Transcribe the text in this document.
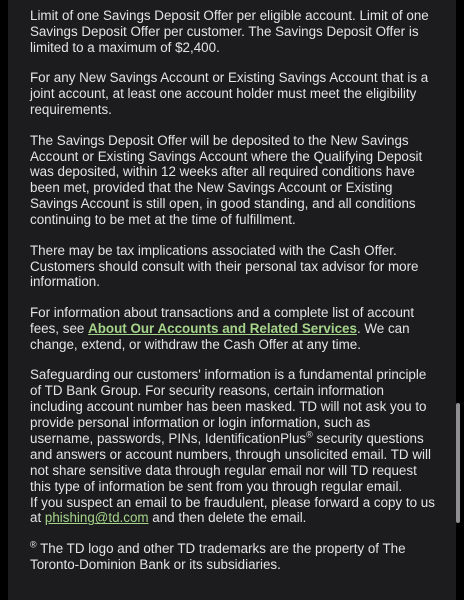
Limit of one Savings Deposit Offer per eligible account. Limit of one Savings Deposit Offer per customer. The Savings Deposit Offer is limited to a maximum of $2,400.

For any New Savings Account or Existing Savings Account that is a joint account, at least one account holder must meet the eligibility requirements.

The Savings Deposit Offer will be deposited to the New Savings Account or Existing Savings Account where the Qualifying Deposit was deposited, within 12 weeks after all required conditions have been met, provided that the New Savings Account or Existing Savings Account is still open, in good standing, and all conditions continuing to be met at the time of fulfillment.

There may be tax implications associated with the Cash Offer. Customers should consult with their personal tax advisor for more information.

For information about transactions and a complete list of account fees, see About Our Accounts and Related Services. We can change, extend, or withdraw the Cash Offer at any time.

Safeguarding our customers' information is a fundamental principle of TD Bank Group. For security reasons, certain information including account number has been masked. TD will not ask you to provide personal information or login information, such as username, passwords, PINs, IdentificationPlus® security questions and answers or account numbers, through unsolicited email. TD will not share sensitive data through regular email nor will TD request this type of information be sent from you through regular email.

If you suspect an email to be fraudulent, please forward a copy to us at phishing@td.com and then delete the email.

® The TD logo and other TD trademarks are the property of The Toronto-Dominion Bank or its subsidiaries.
